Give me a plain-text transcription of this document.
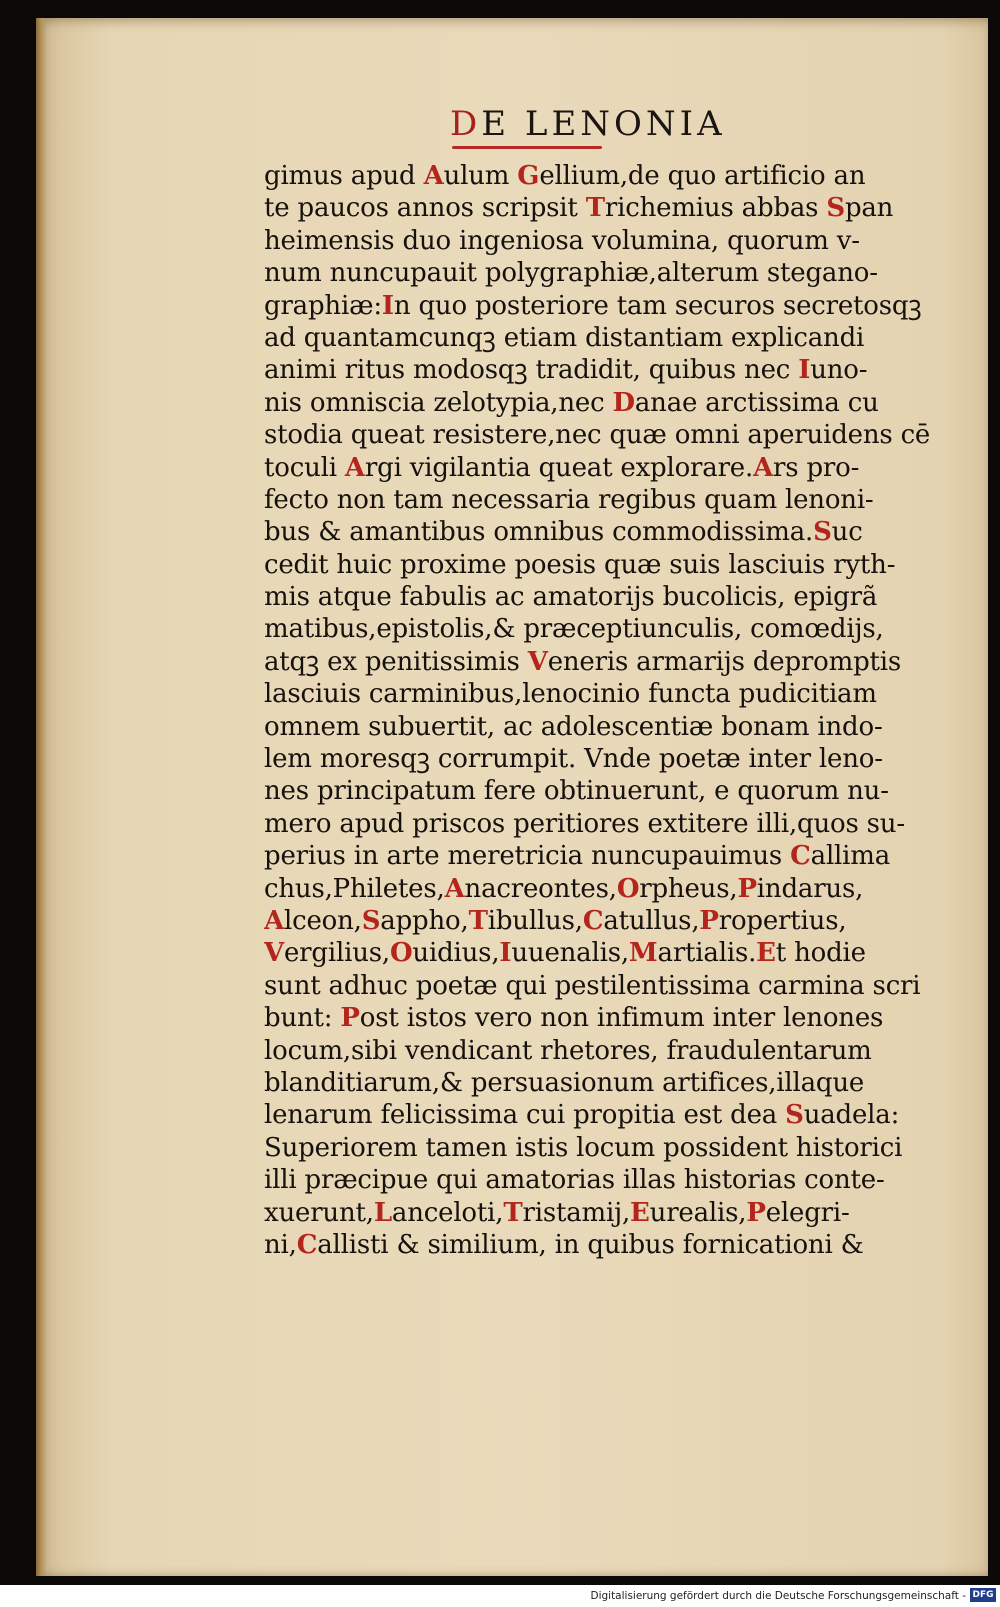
DE LENONIA
gimus apud Aulum Gellium,de quo artificio an
te paucos annos scripsit Trichemius abbas Span
heimensis duo ingeniosa volumina, quorum v-
num nuncupauit polygraphiæ,alterum stegano-
graphiæ:In quo posteriore tam securos secretosqꝫ
ad quantamcunqꝫ etiam distantiam explicandi
animi ritus modosqꝫ tradidit, quibus nec Iuno-
nis omniscia zelotypia,nec Danae arctissima cu
stodia queat resistere,nec quæ omni aperuidens cē
toculi Argi vigilantia queat explorare.Ars pro-
fecto non tam necessaria regibus quam lenoni-
bus & amantibus omnibus commodissima.Suc
cedit huic proxime poesis quæ suis lasciuis ryth-
mis atque fabulis ac amatorijs bucolicis, epigrã
matibus,epistolis,& præceptiunculis, comœdijs,
atqꝫ ex penitissimis Veneris armarijs depromptis
lasciuis carminibus,lenocinio functa pudicitiam
omnem subuertit, ac adolescentiæ bonam indo-
lem moresqꝫ corrumpit. Vnde poetæ inter leno-
nes principatum fere obtinuerunt, e quorum nu-
mero apud priscos peritiores extitere illi,quos su-
perius in arte meretricia nuncupauimus Callima
chus,Philetes,Anacreontes,Orpheus,Pindarus,
Alceon,Sappho,Tibullus,Catullus,Propertius,
Vergilius,Ouidius,Iuuenalis,Martialis.Et hodie
sunt adhuc poetæ qui pestilentissima carmina scri
bunt: Post istos vero non infimum inter lenones
locum,sibi vendicant rhetores, fraudulentarum
blanditiarum,& persuasionum artifices,illaque
lenarum felicissima cui propitia est dea Suadela:
Superiorem tamen istis locum possident historici
illi præcipue qui amatorias illas historias conte-
xuerunt,Lanceloti,Tristamij,Eurealis,Pelegri-
ni,Callisti & similium, in quibus fornicationi &
Digitalisierung gefördert durch die Deutsche Forschungsgemeinschaft - DFG
